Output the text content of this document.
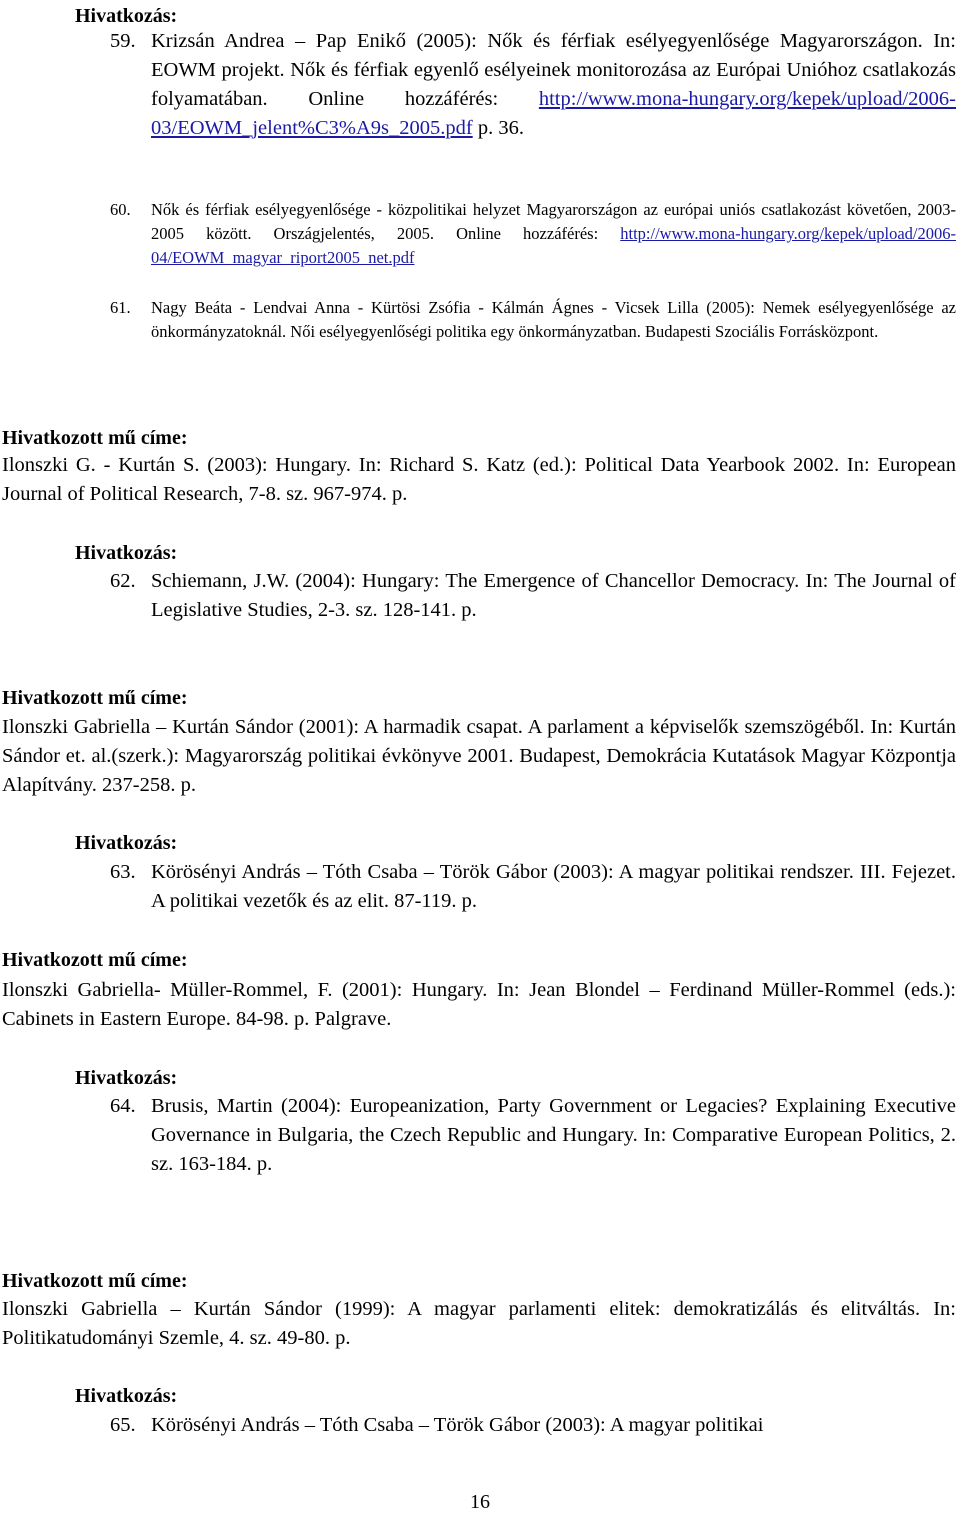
Hivatkozás:
59. Krizsán Andrea – Pap Enikő (2005): Nők és férfiak esélyegyenlősége Magyarországon. In: EOWM projekt. Nők és férfiak egyenlő esélyeinek monitorozása az Európai Unióhoz csatlakozás folyamatában. Online hozzáférés: http://www.mona-hungary.org/kepek/upload/2006-03/EOWM_jelent%C3%A9s_2005.pdf p. 36.
60. Nők és férfiak esélyegyenlősége - közpolitikai helyzet Magyarországon az európai uniós csatlakozást követően, 2003-2005 között. Országjelentés, 2005. Online hozzáférés: http://www.mona-hungary.org/kepek/upload/2006-04/EOWM_magyar_riport2005_net.pdf
61. Nagy Beáta - Lendvai Anna - Kürtösi Zsófia - Kálmán Ágnes - Vicsek Lilla (2005): Nemek esélyegyenlősége az önkormányzatoknál. Női esélyegyenlőségi politika egy önkormányzatban. Budapesti Szociális Forrásközpont.
Hivatkozott mű címe:
Ilonszki G. - Kurtán S. (2003): Hungary. In: Richard S. Katz (ed.): Political Data Yearbook 2002. In: European Journal of Political Research, 7-8. sz. 967-974. p.
Hivatkozás:
62. Schiemann, J.W. (2004): Hungary: The Emergence of Chancellor Democracy. In: The Journal of Legislative Studies, 2-3. sz. 128-141. p.
Hivatkozott mű címe:
Ilonszki Gabriella – Kurtán Sándor (2001): A harmadik csapat. A parlament a képviselők szemszögéből. In: Kurtán Sándor et. al.(szerk.): Magyarország politikai évkönyve 2001. Budapest, Demokrácia Kutatások Magyar Központja Alapítvány. 237-258. p.
Hivatkozás:
63. Körösényi András – Tóth Csaba – Török Gábor (2003): A magyar politikai rendszer. III. Fejezet. A politikai vezetők és az elit. 87-119. p.
Hivatkozott mű címe:
Ilonszki Gabriella- Müller-Rommel, F. (2001): Hungary. In: Jean Blondel – Ferdinand Müller-Rommel (eds.): Cabinets in Eastern Europe. 84-98. p. Palgrave.
Hivatkozás:
64. Brusis, Martin (2004): Europeanization, Party Government or Legacies? Explaining Executive Governance in Bulgaria, the Czech Republic and Hungary. In: Comparative European Politics, 2. sz. 163-184. p.
Hivatkozott mű címe:
Ilonszki Gabriella – Kurtán Sándor (1999): A magyar parlamenti elitek: demokratizálás és elitváltás. In: Politikatudományi Szemle, 4. sz. 49-80. p.
Hivatkozás:
65. Körösényi András – Tóth Csaba – Török Gábor (2003): A magyar politikai
16
